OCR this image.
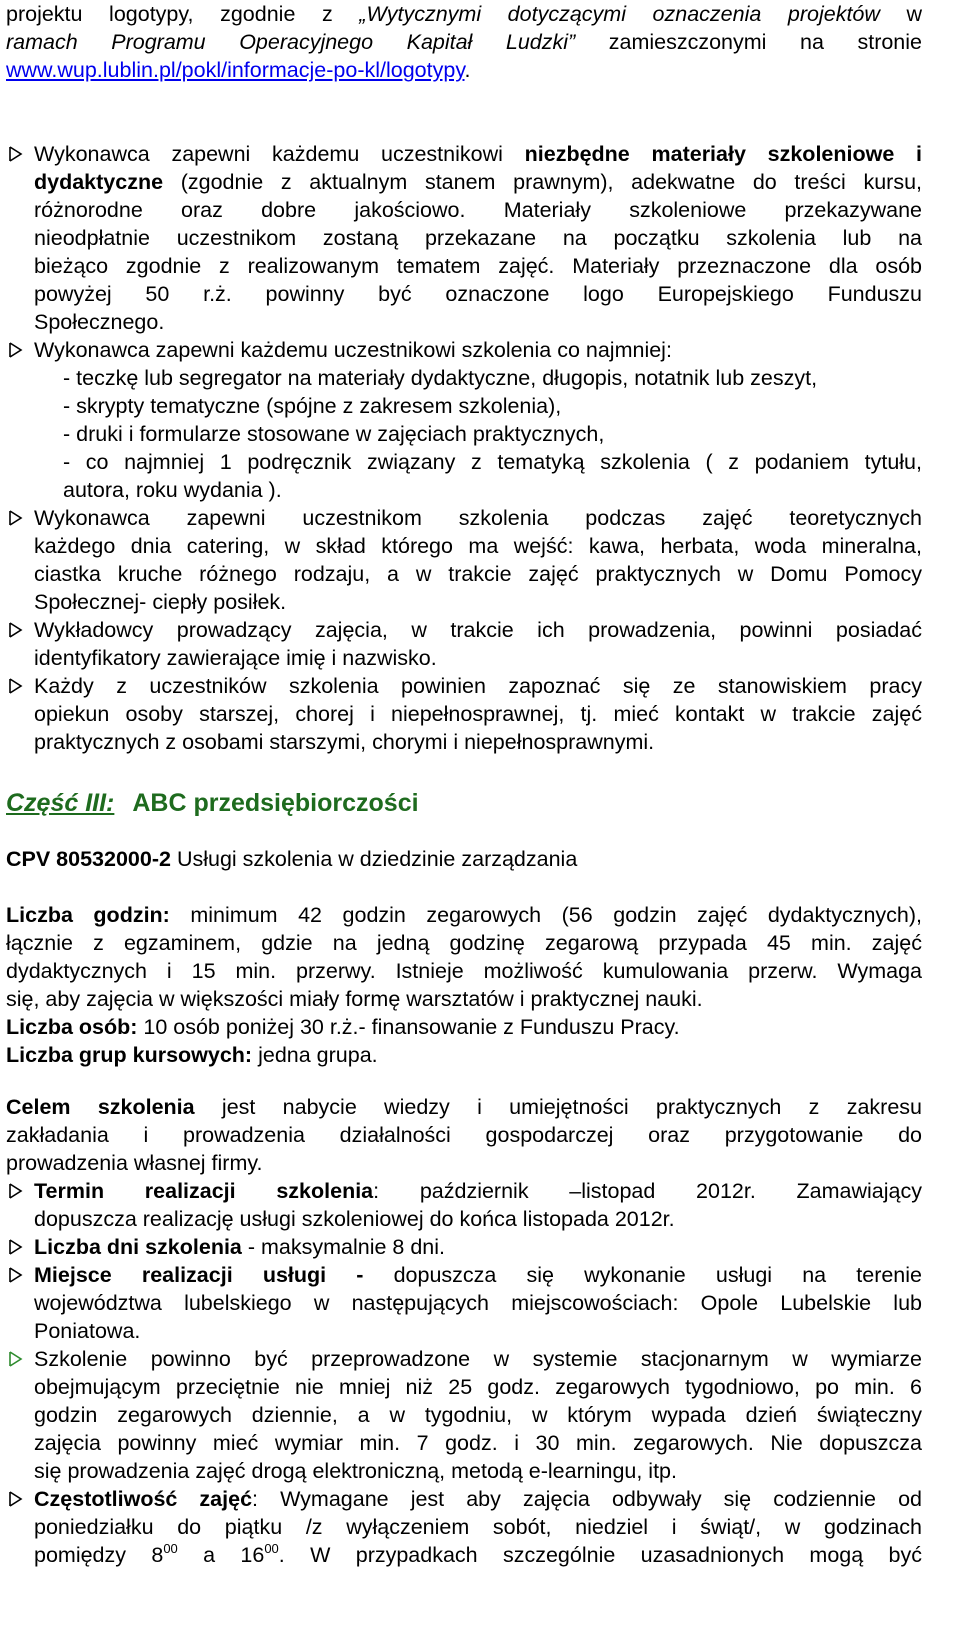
projektu logotypy, zgodnie z „Wytycznymi dotyczącymi oznaczenia projektów w
ramach Programu Operacyjnego Kapitał Ludzki” zamieszczonymi na stronie
www.wup.lublin.pl/pokl/informacje-po-kl/logotypy.
Wykonawca zapewni każdemu uczestnikowi niezbędne materiały szkoleniowe i
dydaktyczne (zgodnie z aktualnym stanem prawnym), adekwatne do treści kursu,
różnorodne oraz dobre jakościowo. Materiały szkoleniowe przekazywane
nieodpłatnie uczestnikom zostaną przekazane na początku szkolenia lub na
bieżąco zgodnie z realizowanym tematem zajęć. Materiały przeznaczone dla osób
powyżej 50 r.ż. powinny być oznaczone logo Europejskiego Funduszu
Społecznego.
Wykonawca zapewni każdemu uczestnikowi szkolenia co najmniej:
- teczkę lub segregator na materiały dydaktyczne, długopis, notatnik lub zeszyt,
- skrypty tematyczne (spójne z zakresem szkolenia),
- druki i formularze stosowane w zajęciach praktycznych,
- co najmniej 1 podręcznik związany z tematyką szkolenia ( z podaniem tytułu,
autora, roku wydania ).
Wykonawca zapewni uczestnikom szkolenia podczas zajęć teoretycznych
każdego dnia catering, w skład którego ma wejść: kawa, herbata, woda mineralna,
ciastka kruche różnego rodzaju, a w trakcie zajęć praktycznych w Domu Pomocy
Społecznej- ciepły posiłek.
Wykładowcy prowadzący zajęcia, w trakcie ich prowadzenia, powinni posiadać
identyfikatory zawierające imię i nazwisko.
Każdy z uczestników szkolenia powinien zapoznać się ze stanowiskiem pracy
opiekun osoby starszej, chorej i niepełnosprawnej, tj. mieć kontakt w trakcie zajęć
praktycznych z osobami starszymi, chorymi i niepełnosprawnymi.
Część III: ABC przedsiębiorczości
CPV 80532000-2 Usługi szkolenia w dziedzinie zarządzania
Liczba godzin: minimum 42 godzin zegarowych (56 godzin zajęć dydaktycznych),
łącznie z egzaminem, gdzie na jedną godzinę zegarową przypada 45 min. zajęć
dydaktycznych i 15 min. przerwy. Istnieje możliwość kumulowania przerw. Wymaga
się, aby zajęcia w większości miały formę warsztatów i praktycznej nauki.
Liczba osób: 10 osób poniżej 30 r.ż.- finansowanie z Funduszu Pracy.
Liczba grup kursowych: jedna grupa.
Celem szkolenia jest nabycie wiedzy i umiejętności praktycznych z zakresu
zakładania i prowadzenia działalności gospodarczej oraz przygotowanie do
prowadzenia własnej firmy.
Termin realizacji szkolenia: październik –listopad 2012r. Zamawiający
dopuszcza realizację usługi szkoleniowej do końca listopada 2012r.
Liczba dni szkolenia - maksymalnie 8 dni.
Miejsce realizacji usługi - dopuszcza się wykonanie usługi na terenie
województwa lubelskiego w następujących miejscowościach: Opole Lubelskie lub
Poniatowa.
Szkolenie powinno być przeprowadzone w systemie stacjonarnym w wymiarze
obejmującym przeciętnie nie mniej niż 25 godz. zegarowych tygodniowo, po min. 6
godzin zegarowych dziennie, a w tygodniu, w którym wypada dzień świąteczny
zajęcia powinny mieć wymiar min. 7 godz. i 30 min. zegarowych. Nie dopuszcza
się prowadzenia zajęć drogą elektroniczną, metodą e-learningu, itp.
Częstotliwość zajęć: Wymagane jest aby zajęcia odbywały się codziennie od
poniedziałku do piątku /z wyłączeniem sobót, niedziel i świąt/, w godzinach
pomiędzy $8^{00}$ a $16^{00}$. W przypadkach szczególnie uzasadnionych mogą być
